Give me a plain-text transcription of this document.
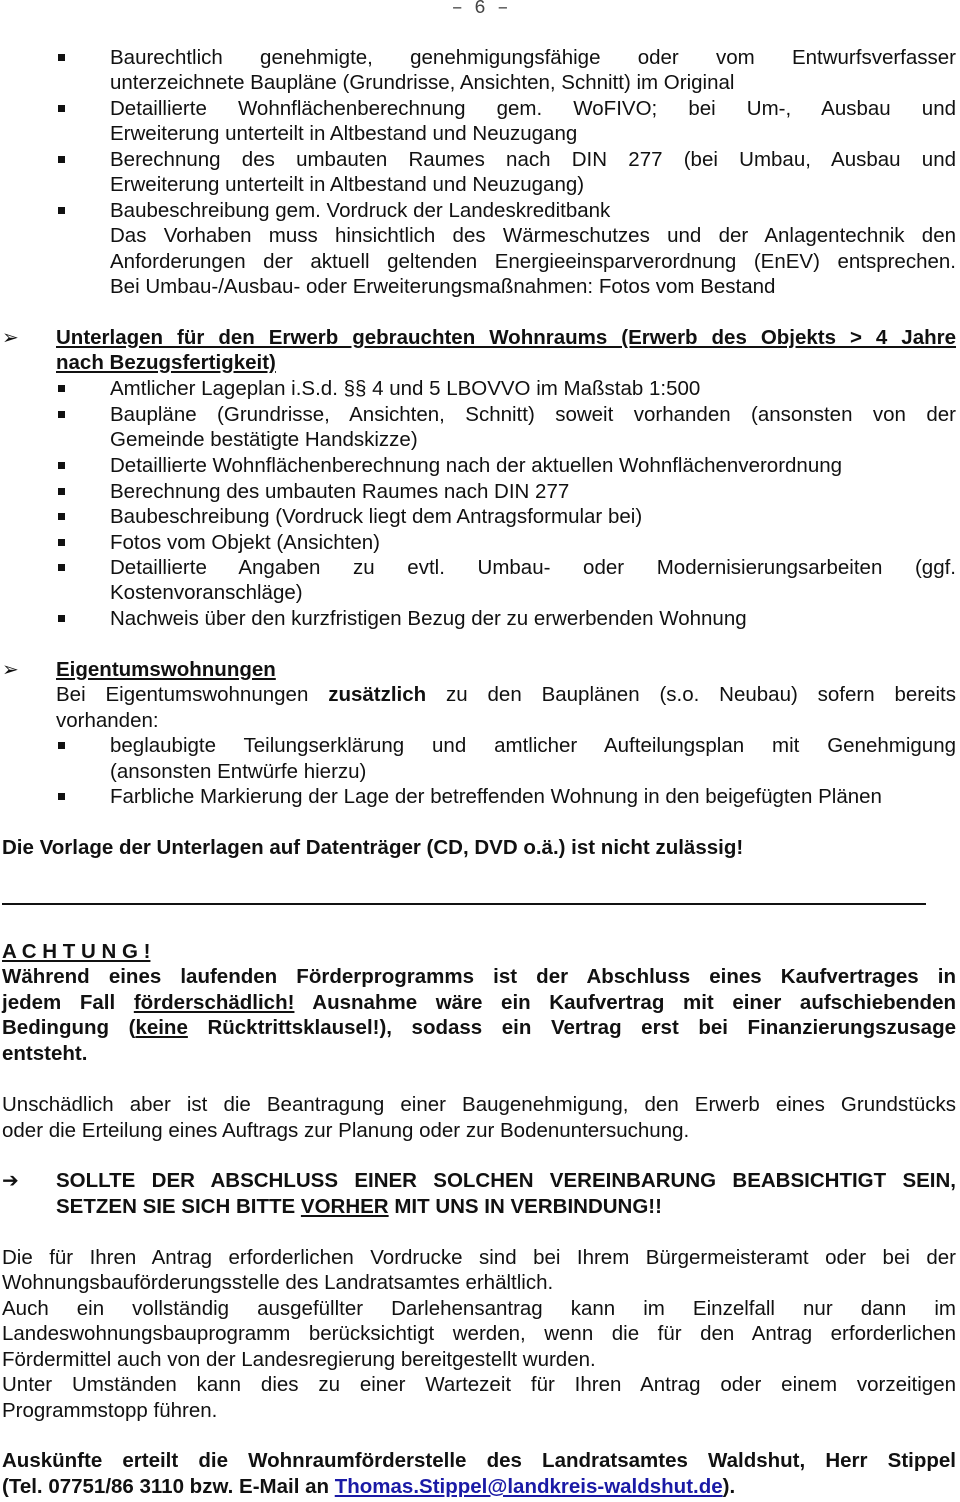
– 6 –
Baurechtlich genehmigte, genehmigungsfähige oder vom Entwurfsverfasser
unterzeichnete Baupläne (Grundrisse, Ansichten, Schnitt) im Original
Detaillierte Wohnflächenberechnung gem. WoFIVO; bei Um-, Ausbau und
Erweiterung unterteilt in Altbestand und Neuzugang
Berechnung des umbauten Raumes nach DIN 277 (bei Umbau, Ausbau und
Erweiterung unterteilt in Altbestand und Neuzugang)
Baubeschreibung gem. Vordruck der Landeskreditbank
Das Vorhaben muss hinsichtlich des Wärmeschutzes und der Anlagentechnik den
Anforderungen der aktuell geltenden Energieeinsparverordnung (EnEV) entsprechen.
Bei Umbau-/Ausbau- oder Erweiterungsmaßnahmen: Fotos vom Bestand
➢ Unterlagen für den Erwerb gebrauchten Wohnraums (Erwerb des Objekts > 4 Jahre
nach Bezugsfertigkeit)
Amtlicher Lageplan i.S.d. §§ 4 und 5 LBOVVO im Maßstab 1:500
Baupläne (Grundrisse, Ansichten, Schnitt) soweit vorhanden (ansonsten von der
Gemeinde bestätigte Handskizze)
Detaillierte Wohnflächenberechnung nach der aktuellen Wohnflächenverordnung
Berechnung des umbauten Raumes nach DIN 277
Baubeschreibung (Vordruck liegt dem Antragsformular bei)
Fotos vom Objekt (Ansichten)
Detaillierte Angaben zu evtl. Umbau- oder Modernisierungsarbeiten (ggf.
Kostenvoranschläge)
Nachweis über den kurzfristigen Bezug der zu erwerbenden Wohnung
➢ Eigentumswohnungen
Bei Eigentumswohnungen zusätzlich zu den Bauplänen (s.o. Neubau) sofern bereits
vorhanden:
beglaubigte Teilungserklärung und amtlicher Aufteilungsplan mit Genehmigung
(ansonsten Entwürfe hierzu)
Farbliche Markierung der Lage der betreffenden Wohnung in den beigefügten Plänen
Die Vorlage der Unterlagen auf Datenträger (CD, DVD o.ä.) ist nicht zulässig!
A C H T U N G !
Während eines laufenden Förderprogramms ist der Abschluss eines Kaufvertrages in
jedem Fall förderschädlich! Ausnahme wäre ein Kaufvertrag mit einer aufschiebenden
Bedingung (keine Rücktrittsklausel!), sodass ein Vertrag erst bei Finanzierungszusage
entsteht.
Unschädlich aber ist die Beantragung einer Baugenehmigung, den Erwerb eines Grundstücks
oder die Erteilung eines Auftrags zur Planung oder zur Bodenuntersuchung.
➔ SOLLTE DER ABSCHLUSS EINER SOLCHEN VEREINBARUNG BEABSICHTIGT SEIN,
SETZEN SIE SICH BITTE VORHER MIT UNS IN VERBINDUNG!!
Die für Ihren Antrag erforderlichen Vordrucke sind bei Ihrem Bürgermeisteramt oder bei der
Wohnungsbauförderungsstelle des Landratsamtes erhältlich.
Auch ein vollständig ausgefüllter Darlehensantrag kann im Einzelfall nur dann im
Landeswohnungsbauprogramm berücksichtigt werden, wenn die für den Antrag erforderlichen
Fördermittel auch von der Landesregierung bereitgestellt wurden.
Unter Umständen kann dies zu einer Wartezeit für Ihren Antrag oder einem vorzeitigen
Programmstopp führen.
Auskünfte erteilt die Wohnraumförderstelle des Landratsamtes Waldshut, Herr Stippel
(Tel. 07751/86 3110 bzw. E-Mail an Thomas.Stippel@landkreis-waldshut.de).
